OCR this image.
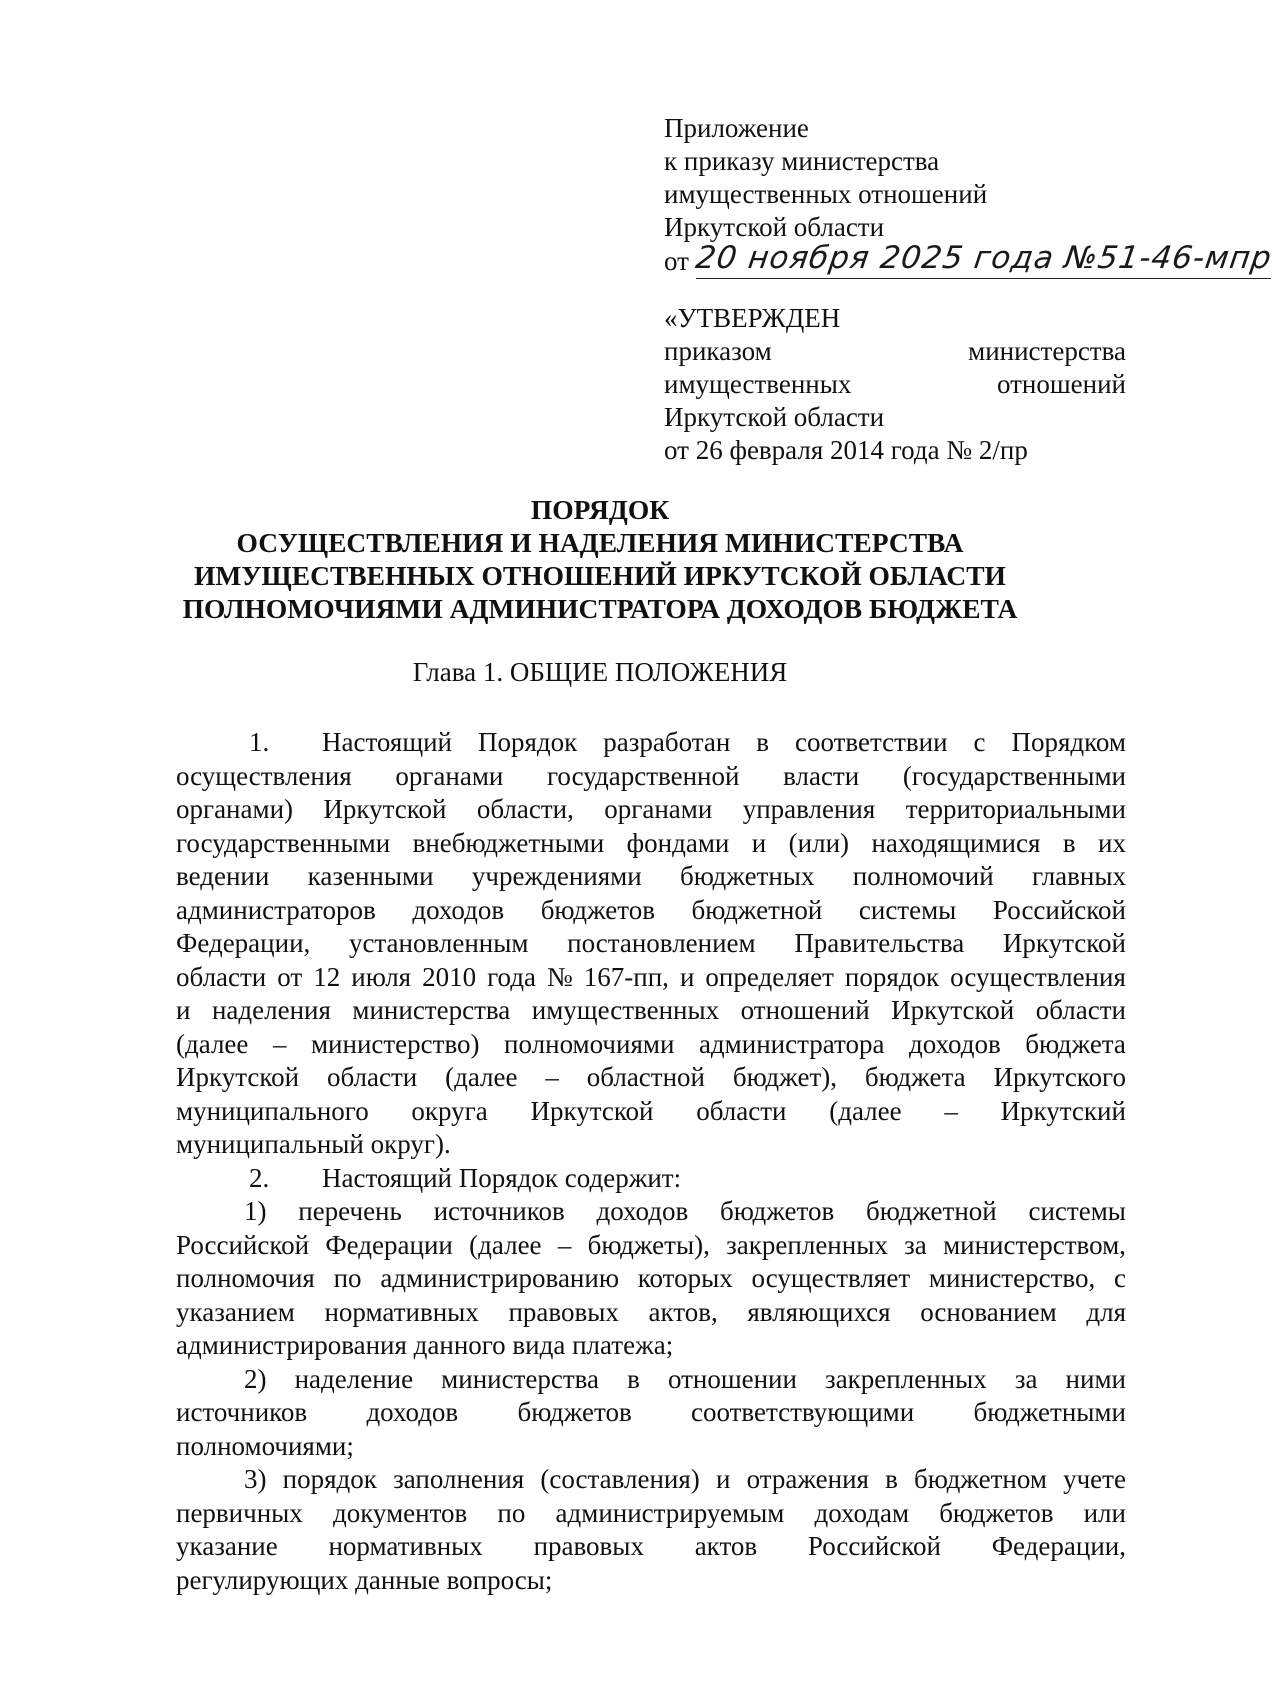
Приложение
к приказу министерства
имущественных отношений
Иркутской области
от 20 ноября 2025 года №51-46-мпр
«УТВЕРЖДЕН
приказом	министерства
имущественных	отношений
Иркутской области
от 26 февраля 2014 года № 2/пр
ПОРЯДОК
ОСУЩЕСТВЛЕНИЯ И НАДЕЛЕНИЯ МИНИСТЕРСТВА
ИМУЩЕСТВЕННЫХ ОТНОШЕНИЙ ИРКУТСКОЙ ОБЛАСТИ
ПОЛНОМОЧИЯМИ АДМИНИСТРАТОРА ДОХОДОВ БЮДЖЕТА
Глава 1. ОБЩИЕ ПОЛОЖЕНИЯ
1.	Настоящий Порядок разработан в соответствии с Порядком
осуществления органами государственной власти (государственными
органами) Иркутской области, органами управления территориальными
государственными внебюджетными фондами и (или) находящимися в их
ведении казенными учреждениями бюджетных полномочий главных
администраторов доходов бюджетов бюджетной системы Российской
Федерации, установленным постановлением Правительства Иркутской
области от 12 июля 2010 года № 167-пп, и определяет порядок осуществления
и наделения министерства имущественных отношений Иркутской области
(далее – министерство) полномочиями администратора доходов бюджета
Иркутской области (далее – областной бюджет), бюджета Иркутского
муниципального округа Иркутской области (далее – Иркутский
муниципальный округ).
2.	Настоящий Порядок содержит:
1) перечень источников доходов бюджетов бюджетной системы
Российской Федерации (далее – бюджеты), закрепленных за министерством,
полномочия по администрированию которых осуществляет министерство, с
указанием нормативных правовых актов, являющихся основанием для
администрирования данного вида платежа;
2) наделение министерства в отношении закрепленных за ними
источников доходов бюджетов соответствующими бюджетными
полномочиями;
3) порядок заполнения (составления) и отражения в бюджетном учете
первичных документов по администрируемым доходам бюджетов или
указание нормативных правовых актов Российской Федерации,
регулирующих данные вопросы;
